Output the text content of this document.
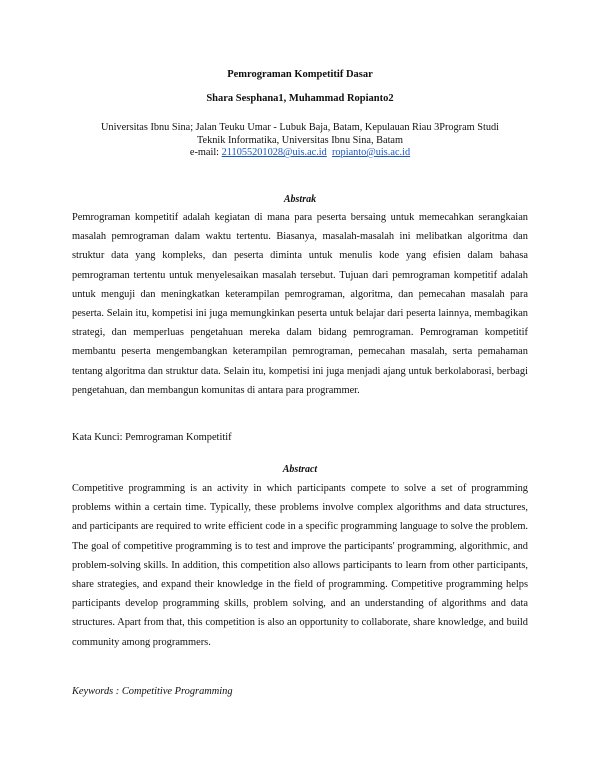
Pemrograman Kompetitif Dasar
Shara Sesphana1, Muhammad Ropianto2
Universitas Ibnu Sina; Jalan Teuku Umar - Lubuk Baja, Batam, Kepulauan Riau 3Program Studi
Teknik Informatika, Universitas Ibnu Sina, Batam
e-mail: 211055201028@uis.ac.id ropianto@uis.ac.id
Abstrak
Pemrograman kompetitif adalah kegiatan di mana para peserta bersaing untuk memecahkan serangkaian masalah pemrograman dalam waktu tertentu. Biasanya, masalah-masalah ini melibatkan algoritma dan struktur data yang kompleks, dan peserta diminta untuk menulis kode yang efisien dalam bahasa pemrograman tertentu untuk menyelesaikan masalah tersebut. Tujuan dari pemrograman kompetitif adalah untuk menguji dan meningkatkan keterampilan pemrograman, algoritma, dan pemecahan masalah para peserta. Selain itu, kompetisi ini juga memungkinkan peserta untuk belajar dari peserta lainnya, membagikan strategi, dan memperluas pengetahuan mereka dalam bidang pemrograman. Pemrograman kompetitif membantu peserta mengembangkan keterampilan pemrograman, pemecahan masalah, serta pemahaman tentang algoritma dan struktur data. Selain itu, kompetisi ini juga menjadi ajang untuk berkolaborasi, berbagi pengetahuan, dan membangun komunitas di antara para programmer.
Kata Kunci: Pemrograman Kompetitif
Abstract
Competitive programming is an activity in which participants compete to solve a set of programming problems within a certain time. Typically, these problems involve complex algorithms and data structures, and participants are required to write efficient code in a specific programming language to solve the problem. The goal of competitive programming is to test and improve the participants' programming, algorithmic, and problem-solving skills. In addition, this competition also allows participants to learn from other participants, share strategies, and expand their knowledge in the field of programming. Competitive programming helps participants develop programming skills, problem solving, and an understanding of algorithms and data structures. Apart from that, this competition is also an opportunity to collaborate, share knowledge, and build community among programmers.
Keywords : Competitive Programming
